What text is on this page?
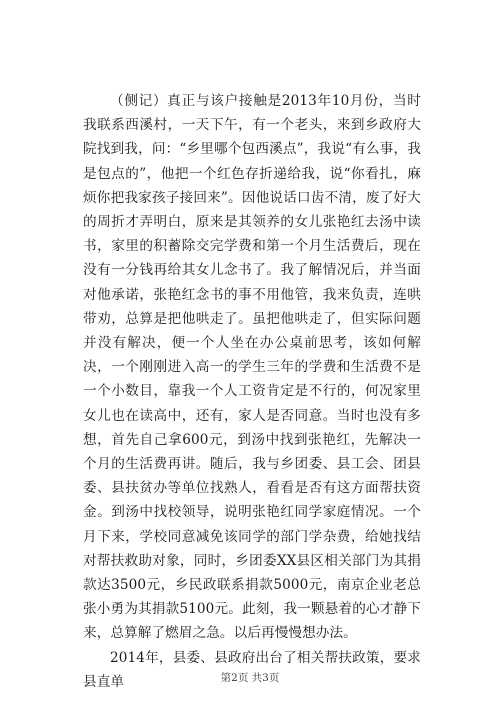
（侧记）真正与该户接触是2013年10月份，当时我联系西溪村，一天下午，有一个老头，来到乡政府大院找到我，问：“乡里哪个包西溪点”，我说“有么事，我是包点的”，他把一个红色存折递给我，说“你看扎，麻烦你把我家孩子接回来”。因他说话口齿不清，废了好大的周折才弄明白，原来是其领养的女儿张艳红去汤中读书，家里的积蓄除交完学费和第一个月生活费后，现在没有一分钱再给其女儿念书了。我了解情况后，并当面对他承诺，张艳红念书的事不用他管，我来负责，连哄带劝，总算是把他哄走了。虽把他哄走了，但实际问题并没有解决，便一个人坐在办公桌前思考，该如何解决，一个刚刚进入高一的学生三年的学费和生活费不是一个小数目，靠我一个人工资肯定是不行的，何况家里女儿也在读高中，还有，家人是否同意。当时也没有多想，首先自己拿600元，到汤中找到张艳红，先解决一个月的生活费再讲。随后，我与乡团委、县工会、团县委、县扶贫办等单位找熟人，看看是否有这方面帮扶资金。到汤中找校领导，说明张艳红同学家庭情况。一个月下来，学校同意减免该同学的部门学杂费，给她找结对帮扶救助对象，同时，乡团委XX县区相关部门为其捐款达3500元，乡民政联系捐款5000元，南京企业老总张小勇为其捐款5100元。此刻，我一颗悬着的心才静下来，总算解了燃眉之急。以后再慢慢想办法。

2014年，县委、县政府出台了相关帮扶政策，要求县直单	第2页 共3页
